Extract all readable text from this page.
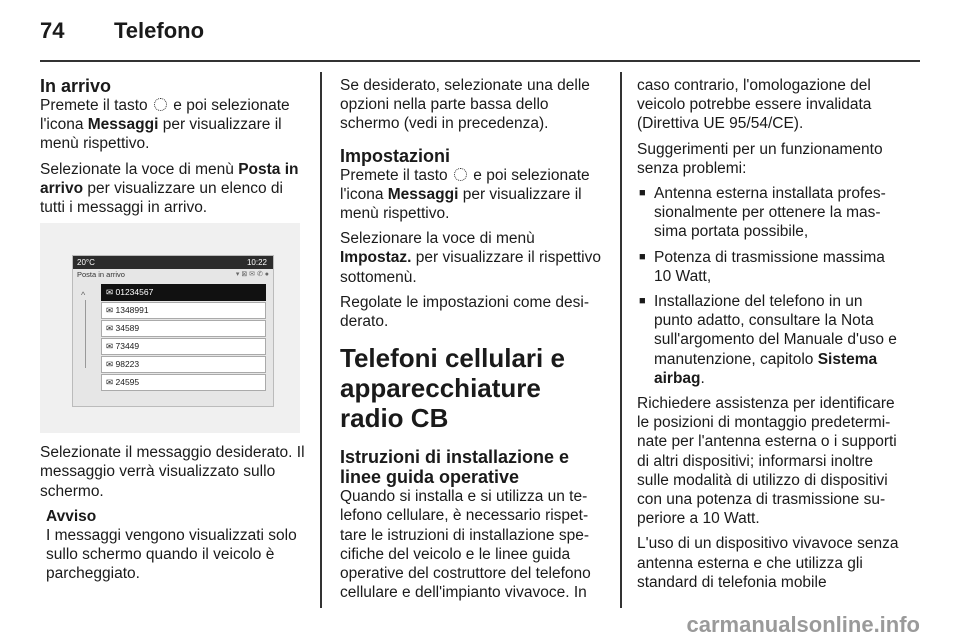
74 Telefono
In arrivo

Premete il tasto  e poi selezionate l'icona Messaggi per visualizzare il menù rispettivo.

Selezionate la voce di menù Posta in arrivo per visualizzare un elenco di tutti i messaggi in arrivo.

20°C	10:22
Posta in arrivo	▾ ⊠ ✉ ✆ ●
^	✉ 01234567
✉ 1348991
✉ 34589
✉ 73449
✉ 98223
✉ 24595

Selezionate il messaggio desiderato. Il messaggio verrà visualizzato sullo schermo.

Avviso
I messaggi vengono visualizzati solo sullo schermo quando il veicolo è parcheggiato.

Se desiderato, selezionate una delle opzioni nella parte bassa dello schermo (vedi in precedenza).

Impostazioni

Premete il tasto  e poi selezionate l'icona Messaggi per visualizzare il menù rispettivo.

Selezionare la voce di menù Impostaz. per visualizzare il rispettivo sottomenù.

Regolate le impostazioni come desi- derato.

Telefoni cellulari e apparecchiature radio CB
Istruzioni di installazione e linee guida operative

Quando si installa e si utilizza un te- lefono cellulare, è necessario rispet- tare le istruzioni di installazione spe- cifiche del veicolo e le linee guida operative del costruttore del telefono cellulare e dell'impianto vivavoce. In

caso contrario, l'omologazione del veicolo potrebbe essere invalidata (Direttiva UE 95/54/CE).

Suggerimenti per un funzionamento senza problemi:

■ Antenna esterna installata profes- sionalmente per ottenere la mas- sima portata possibile,
■ Potenza di trasmissione massima 10 Watt,
■ Installazione del telefono in un punto adatto, consultare la Nota sull'argomento del Manuale d'uso e manutenzione, capitolo Sistema airbag.

Richiedere assistenza per identificare le posizioni di montaggio predetermi- nate per l'antenna esterna o i supporti di altri dispositivi; informarsi inoltre sulle modalità di utilizzo di dispositivi con una potenza di trasmissione su- periore a 10 Watt.

L'uso di un dispositivo vivavoce senza antenna esterna e che utilizza gli standard di telefonia mobile

carmanualsonline.info
